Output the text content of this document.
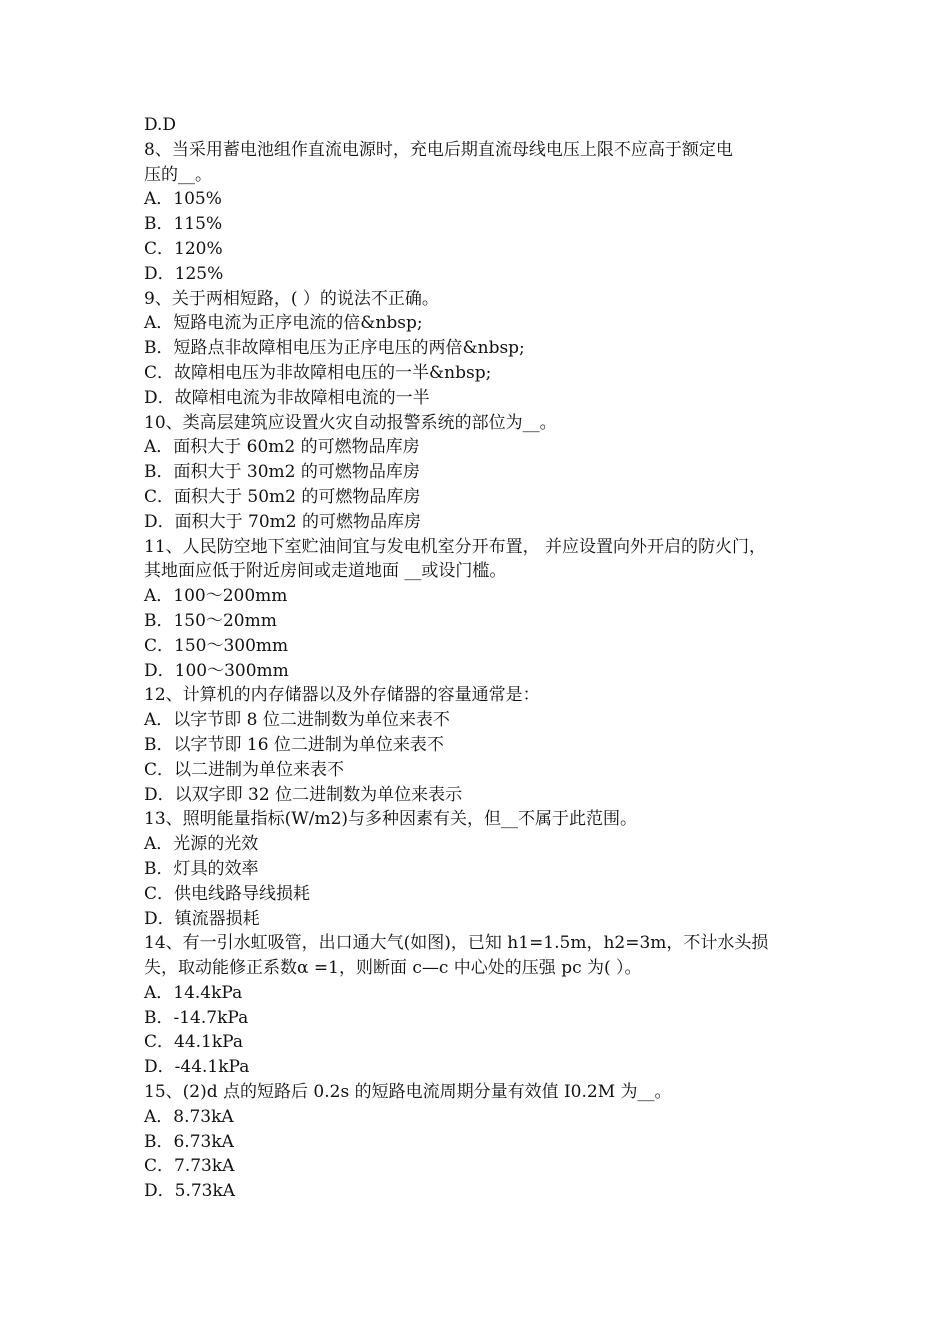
D.D
8、当采用蓄电池组作直流电源时，充电后期直流母线电压上限不应高于额定电
压的__。
A．105%
B．115%
C．120%
D．125%
9、关于两相短路，( ）的说法不正确。
A．短路电流为正序电流的倍&nbsp;
B．短路点非故障相电压为正序电压的两倍&nbsp;
C．故障相电压为非故障相电压的一半&nbsp;
D．故障相电流为非故障相电流的一半
10、类高层建筑应设置火灾自动报警系统的部位为__。
A．面积大于 60m2 的可燃物品库房
B．面积大于 30m2 的可燃物品库房
C．面积大于 50m2 的可燃物品库房
D．面积大于 70m2 的可燃物品库房
11、人民防空地下室贮油间宜与发电机室分开布置， 并应设置向外开启的防火门，
其地面应低于附近房间或走道地面 __或设门槛。
A．100～200mm
B．150～20mm
C．150～300mm
D．100～300mm
12、计算机的内存储器以及外存储器的容量通常是：
A．以字节即 8 位二进制数为单位来表不
B．以字节即 16 位二进制为单位来表不
C．以二进制为单位来表不
D．以双字即 32 位二进制数为单位来表示
13、照明能量指标(W/m2)与多种因素有关，但__不属于此范围。
A．光源的光效
B．灯具的效率
C．供电线路导线损耗
D．镇流器损耗
14、有一引水虹吸管，出口通大气(如图)，已知 h1=1.5m，h2=3m，不计水头损
失，取动能修正系数α =1，则断面 c—c 中心处的压强 pc 为( ）。
A．14.4kPa
B．-14.7kPa
C．44.1kPa
D．-44.1kPa
15、(2)d 点的短路后 0.2s 的短路电流周期分量有效值 I0.2M 为__。
A．8.73kA
B．6.73kA
C．7.73kA
D．5.73kA
